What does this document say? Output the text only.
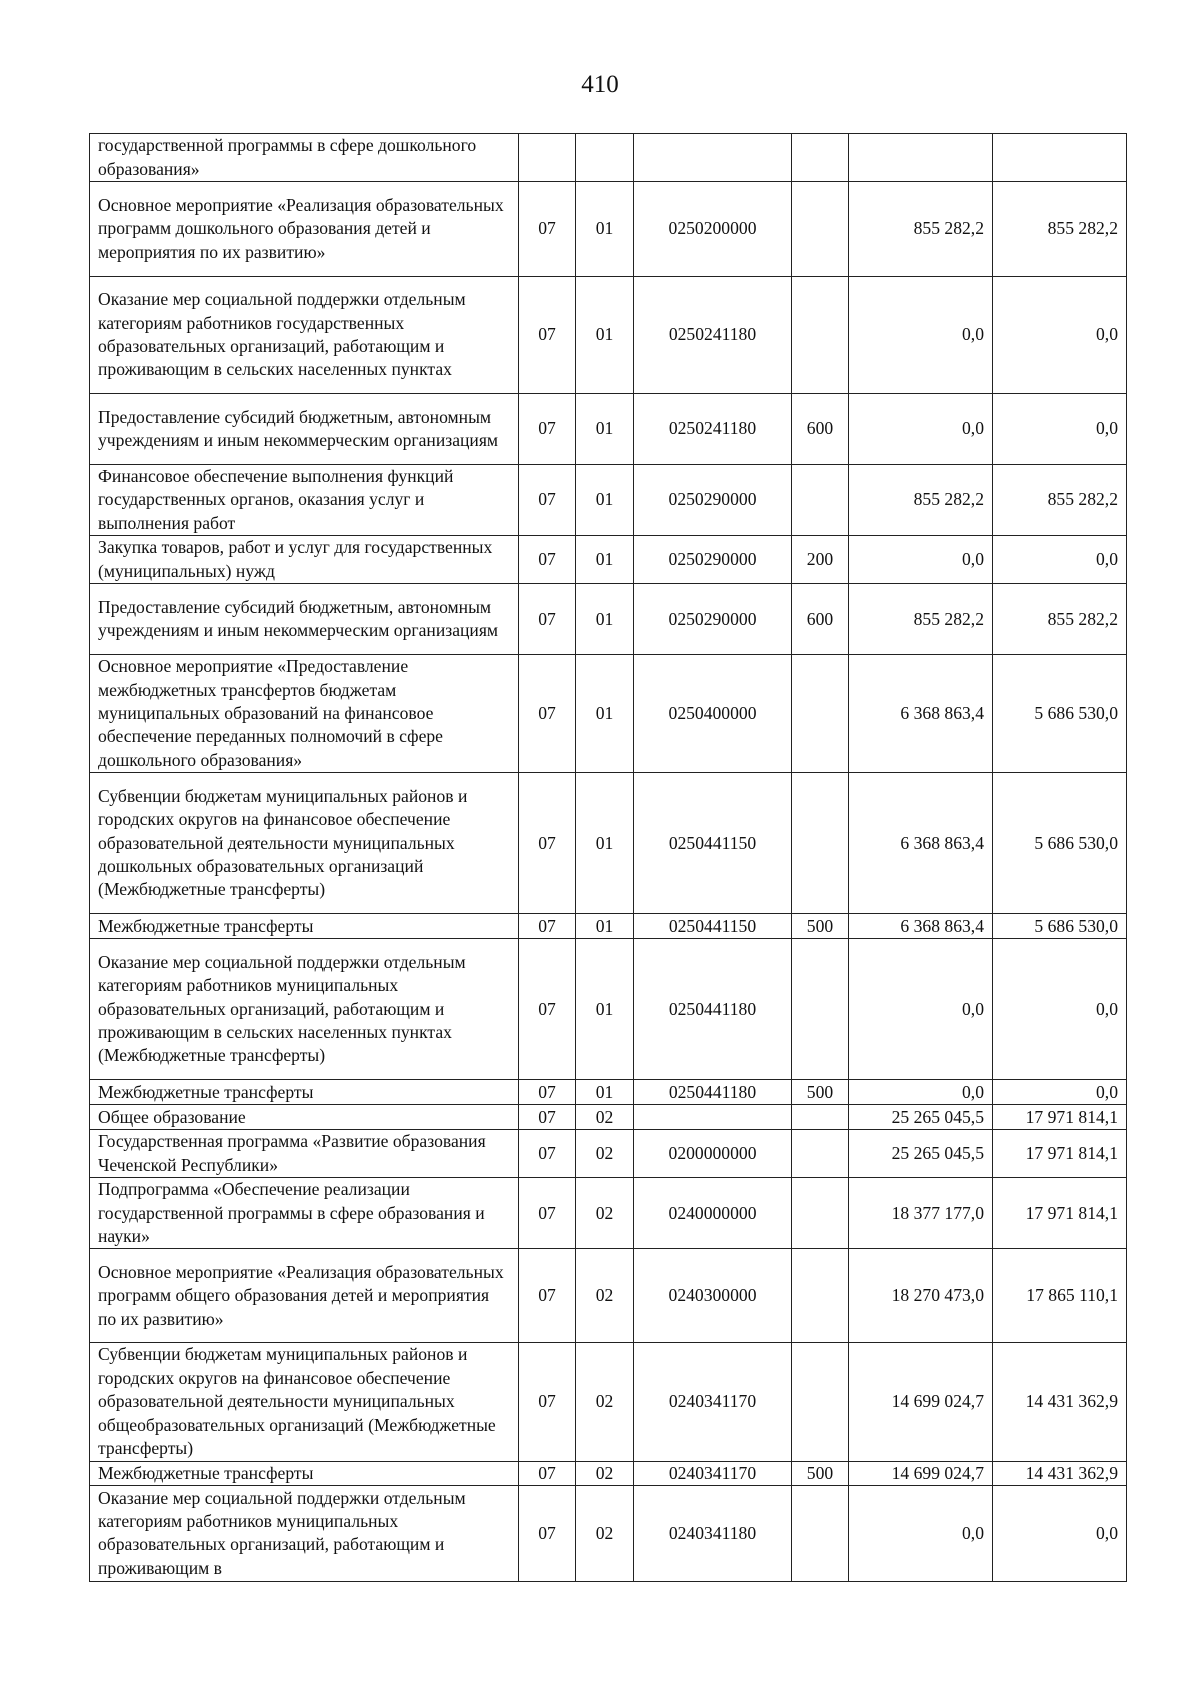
410
государственной программы в сфере дошкольного образования»						
Основное мероприятие «Реализация образовательных программ дошкольного образования детей и мероприятия по их развитию»	07	01	0250200000		855 282,2	855 282,2
Оказание мер социальной поддержки отдельным категориям работников государственных образовательных организаций, работающим и проживающим в сельских населенных пунктах	07	01	0250241180		0,0	0,0
Предоставление субсидий бюджетным, автономным учреждениям и иным некоммерческим организациям	07	01	0250241180	600	0,0	0,0
Финансовое обеспечение выполнения функций государственных органов, оказания услуг и выполнения работ	07	01	0250290000		855 282,2	855 282,2
Закупка товаров, работ и услуг для государственных (муниципальных) нужд	07	01	0250290000	200	0,0	0,0
Предоставление субсидий бюджетным, автономным учреждениям и иным некоммерческим организациям	07	01	0250290000	600	855 282,2	855 282,2
Основное мероприятие «Предоставление межбюджетных трансфертов бюджетам муниципальных образований на финансовое обеспечение переданных полномочий в сфере дошкольного образования»	07	01	0250400000		6 368 863,4	5 686 530,0
Субвенции бюджетам муниципальных районов и городских округов на финансовое обеспечение образовательной деятельности муниципальных дошкольных образовательных организаций (Межбюджетные трансферты)	07	01	0250441150		6 368 863,4	5 686 530,0
Межбюджетные трансферты	07	01	0250441150	500	6 368 863,4	5 686 530,0
Оказание мер социальной поддержки отдельным категориям работников муниципальных образовательных организаций, работающим и проживающим в сельских населенных пунктах (Межбюджетные трансферты)	07	01	0250441180		0,0	0,0
Межбюджетные трансферты	07	01	0250441180	500	0,0	0,0
Общее образование	07	02			25 265 045,5	17 971 814,1
Государственная программа «Развитие образования Чеченской Республики»	07	02	0200000000		25 265 045,5	17 971 814,1
Подпрограмма «Обеспечение реализации государственной программы в сфере образования и науки»	07	02	0240000000		18 377 177,0	17 971 814,1
Основное мероприятие «Реализация образовательных программ общего образования детей и мероприятия по их развитию»	07	02	0240300000		18 270 473,0	17 865 110,1
Субвенции бюджетам муниципальных районов и городских округов на финансовое обеспечение образовательной деятельности муниципальных общеобразовательных организаций (Межбюджетные трансферты)	07	02	0240341170		14 699 024,7	14 431 362,9
Межбюджетные трансферты	07	02	0240341170	500	14 699 024,7	14 431 362,9
Оказание мер социальной поддержки отдельным категориям работников муниципальных образовательных организаций, работающим и проживающим в	07	02	0240341180		0,0	0,0
